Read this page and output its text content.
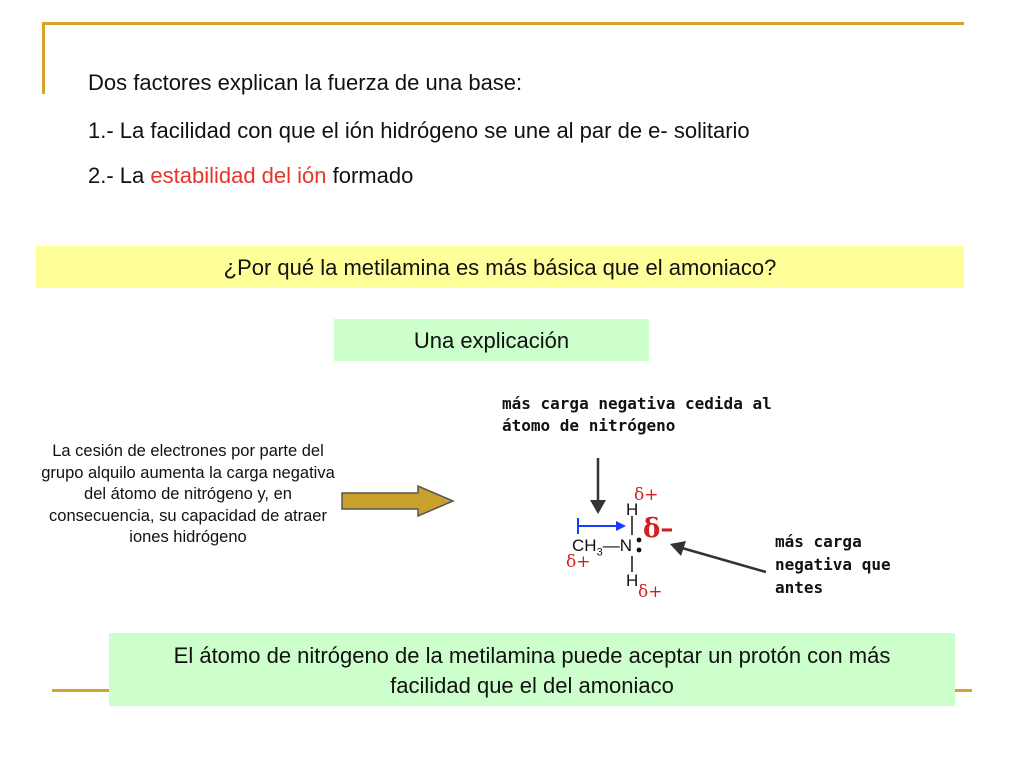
Dos factores explican la fuerza de una base:
1.- La facilidad con que el ión hidrógeno se une al par de e- solitario
2.- La estabilidad del ión formado
¿Por qué la metilamina es más básica que el amoniaco?
Una explicación
La cesión de electrones por parte del grupo alquilo aumenta la carga negativa del átomo de nitrógeno y, en consecuencia, su capacidad de atraer iones hidrógeno
más carga negativa cedida al
átomo de nitrógeno
más carga
negativa que
antes
H
$CH_3—N$
H
δ+
δ+
δ+
δ–
El átomo de nitrógeno de la metilamina puede aceptar un protón con más facilidad que el del amoniaco
